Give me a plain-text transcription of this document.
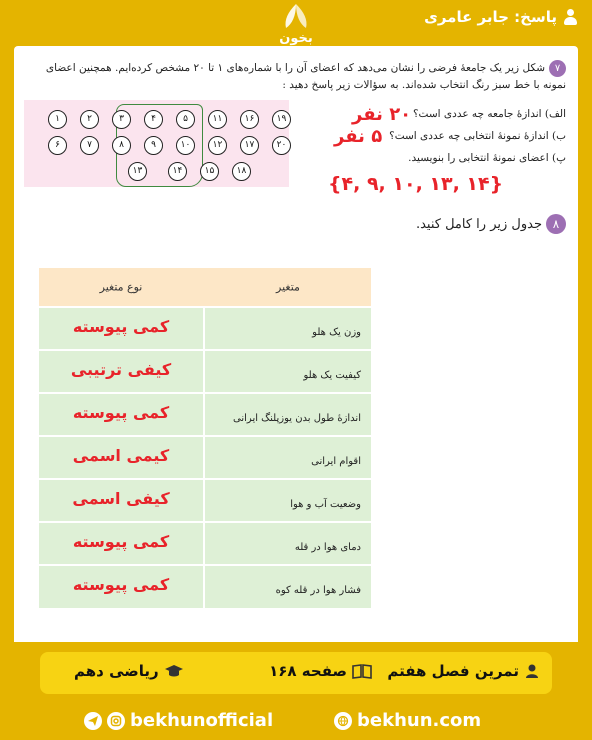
پاسخ: جابر عامری
بخون
۷شکل زیر یک جامعهٔ فرضی را نشان می‌دهد که اعضای آن را با شماره‌های ۱ تا ۲۰ مشخص کرده‌ایم. همچنین اعضای نمونه با خط سبز رنگ انتخاب شده‌اند. به سؤالات زیر پاسخ دهید :
۱	۲	۳	۴	۵	۱۱	۱۶	۱۹
۶	۷	۸	۹	۱۰	۱۲	۱۷	۲۰
۱۳	۱۴	۱۵	۱۸
الف) اندازهٔ جامعه چه عددی است؟
۲۰ نفر
ب) اندازهٔ نمونهٔ انتخابی چه عددی است؟
۵ نفر
پ) اعضای نمونهٔ انتخابی را بنویسید.
{۴, ۹, ۱۰, ۱۳, ۱۴}
۸
جدول زیر را کامل کنید.
نوع متغیر	متغیر
کمی پیوسته	وزن یک هلو
کیفی ترتیبی	کیفیت یک هلو
کمی پیوسته	اندازهٔ طول بدن یوزپلنگ ایرانی
کیمی اسمی	اقوام ایرانی
کیفی اسمی	وضعیت آب و هوا
کمی پیوسته	دمای هوا در قله
کمی پیوسته	فشار هوا در قله کوه
تمرین فصل هفتم
صفحه ۱۶۸
ریاضی دهم
bekhunofficial	bekhun.com
